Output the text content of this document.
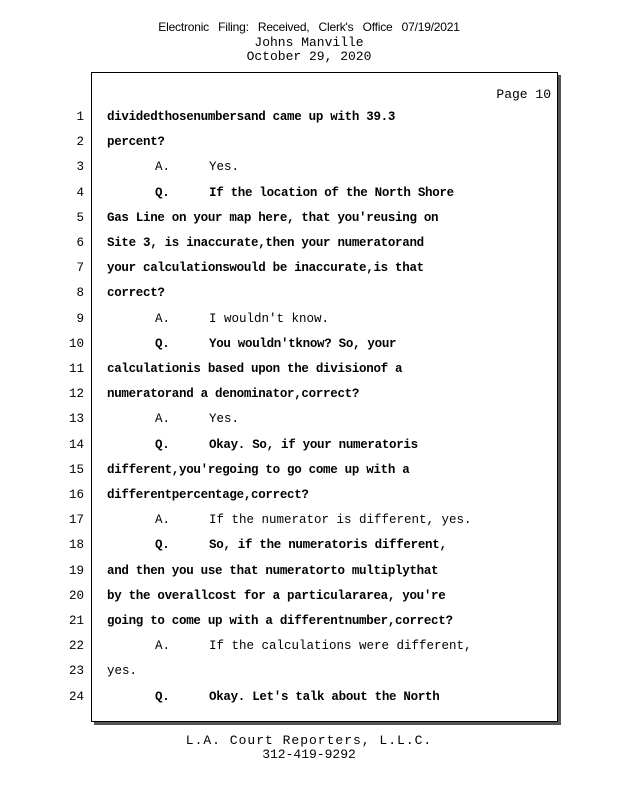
Electronic Filing: Received, Clerk's Office 07/19/2021
Johns Manville
October 29, 2020
Page 10
1 dividedthosenumbersand came up with 39.3
2 percent?
3	A.	Yes.
4	Q.	If the location of the North Shore
5 Gas Line on your map here, that you'reusing on
6 Site 3, is inaccurate,then your numeratorand
7 your calculationswould be inaccurate,is that
8 correct?
9	A.	I wouldn't know.
10	Q.	You wouldn'tknow? So, your
11 calculationis based upon the divisionof a
12 numeratorand a denominator,correct?
13	A.	Yes.
14	Q.	Okay. So, if your numeratoris
15 different,you'regoing to go come up with a
16 differentpercentage,correct?
17	A.	If the numerator is different, yes.
18	Q.	So, if the numeratoris different,
19 and then you use that numeratorto multiplythat
20 by the overallcost for a particulararea, you're
21 going to come up with a differentnumber,correct?
22	A.	If the calculations were different,
23 yes.
24	Q.	Okay. Let's talk about the North
L.A. Court Reporters, L.L.C.
312-419-9292
